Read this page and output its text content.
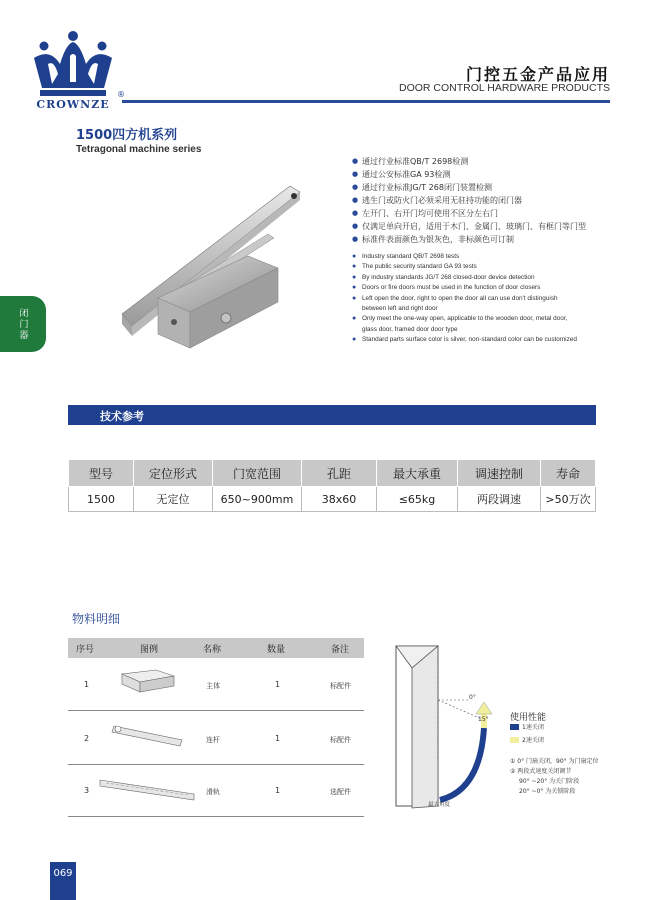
CROWNZE
®
门控五金产品应用
DOOR CONTROL HARDWARE PRODUCTS
1500四方机系列
Tetragonal machine series
闭门器
● 通过行业标准QB/T 2698检测
● 通过公安标准GA 93检测
● 通过行业标准JG/T 268闭门装置检测
● 逃生门或防火门必须采用无驻持功能的闭门器
● 左开门、右开门均可使用不区分左右门
● 仅满足单向开启，适用于木门、金属门、玻璃门、有框门等门型
● 标准件表面颜色为银灰色，非标颜色可订制
● Industry standard QB/T 2698 tests
● The public security standard GA 93 tests
● By industry standards JG/T 268 closed-door device detection
● Doors or fire doors must be used in the function of door closers
● Left open the door, right to open the door all can use don't distinguish
between left and right door
● Only meet the one-way open, applicable to the wooden door, metal door,
glass door, framed door door type
● Standard parts surface color is silver, non-standard color can be customized
技术参考
型号	定位形式	门宽范围	孔距	最大承重	调速控制	寿命
1500	无定位	650~900mm	38x60	≤65kg	两段调速	>50万次
物料明细
序号	图例	名称	数量	备注
1	主体	1	标配件
2	连杆	1	标配件
3	滑轨	1	选配件
0°
15°
最大角度
使用性能
1速关闭
2速关闭
① 0° 门扇关闭，90° 为门扇定位
② 两段式速度关闭调节
90° ~20° 为关门阶段
20° ~0° 为关锁阶段
069
